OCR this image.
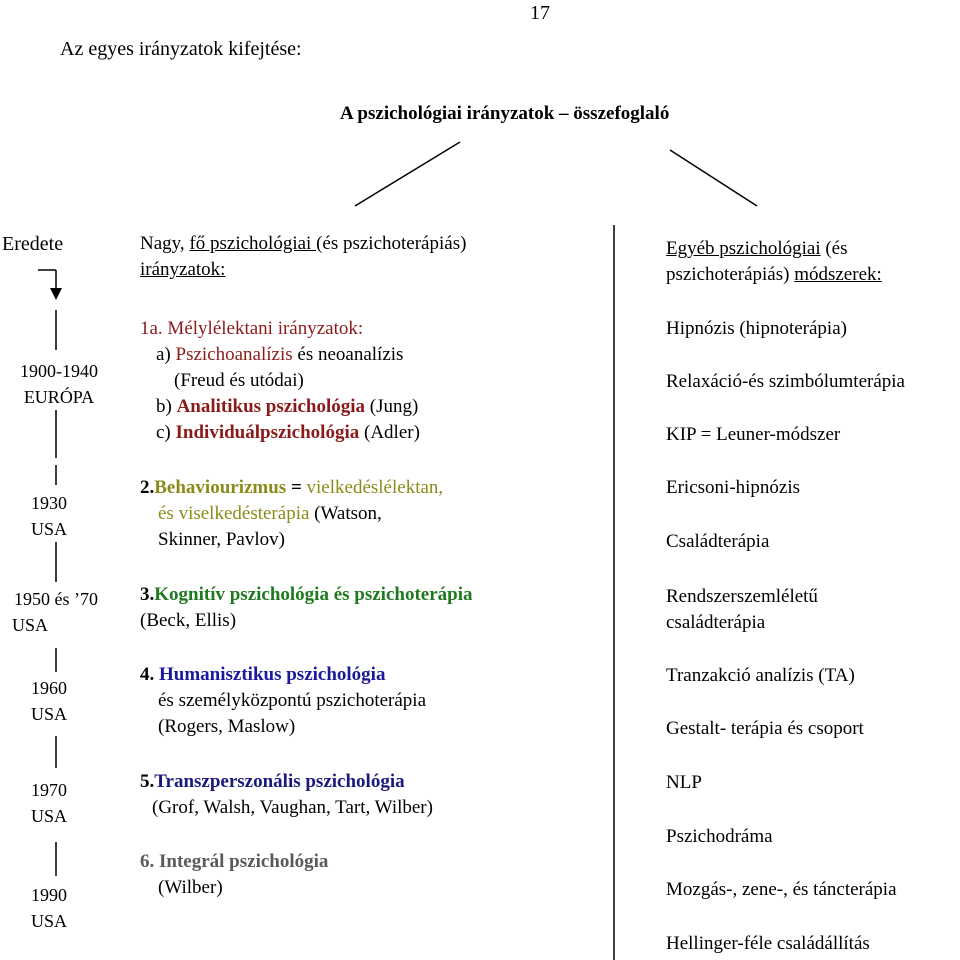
17
Az egyes irányzatok kifejtése:
A pszichológiai irányzatok – összefoglaló
Eredete
1900-1940
EURÓPA
1930
USA
1950 és ’70
USA
1960
USA
1970
USA
1990
USA
Nagy, fő pszichológiai (és pszichoterápiás)
irányzatok:
1a. Mélylélektani irányzatok:
a) Pszichoanalízis és neoanalízis
(Freud és utódai)
b) Analitikus pszichológia (Jung)
c) Individuálpszichológia (Adler)
2.Behaviourizmus = vielkedéslélektan,
és viselkedésterápia (Watson,
Skinner, Pavlov)
3.Kognitív pszichológia és pszichoterápia
(Beck, Ellis)
4. Humanisztikus pszichológia
és személyközpontú pszichoterápia
(Rogers, Maslow)
5.Transzperszonális pszichológia
(Grof, Walsh, Vaughan, Tart, Wilber)
6. Integrál pszichológia
(Wilber)
Egyéb pszichológiai (és
pszichoterápiás) módszerek:
Hipnózis (hipnoterápia)
Relaxáció-és szimbólumterápia
KIP = Leuner-módszer
Ericsoni-hipnózis
Családterápia
Rendszerszemléletű
családterápia
Tranzakció analízis (TA)
Gestalt- terápia és csoport
NLP
Pszichodráma
Mozgás-, zene-, és táncterápia
Hellinger-féle családállítás
